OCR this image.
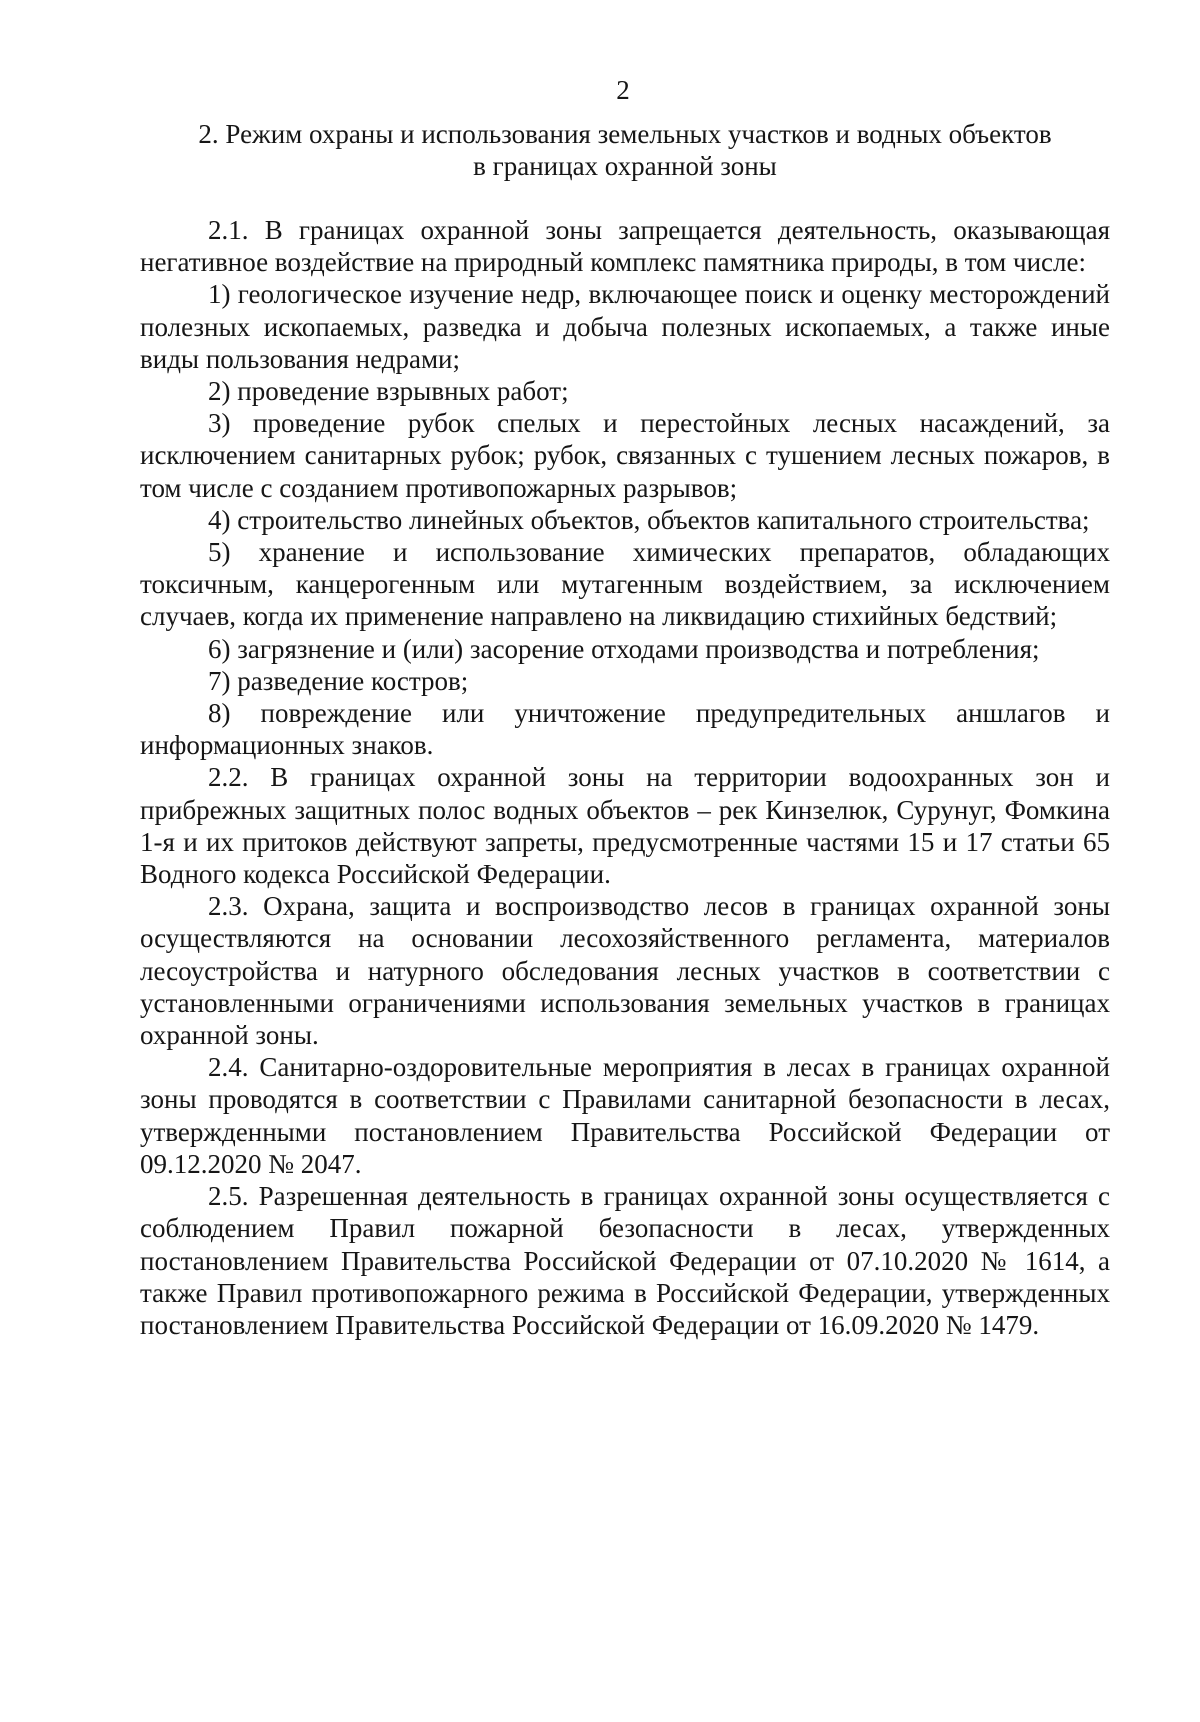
2
2. Режим охраны и использования земельных участков и водных объектов
в границах охранной зоны

2.1. В границах охранной зоны запрещается деятельность, оказывающая негативное воздействие на природный комплекс памятника природы, в том числе:

1) геологическое изучение недр, включающее поиск и оценку месторождений полезных ископаемых, разведка и добыча полезных ископаемых, а также иные виды пользования недрами;

2) проведение взрывных работ;

3) проведение рубок спелых и перестойных лесных насаждений, за исключением санитарных рубок; рубок, связанных с тушением лесных пожаров, в том числе с созданием противопожарных разрывов;

4) строительство линейных объектов, объектов капитального строительства;

5) хранение и использование химических препаратов, обладающих токсичным, канцерогенным или мутагенным воздействием, за исключением случаев, когда их применение направлено на ликвидацию стихийных бедствий;

6) загрязнение и (или) засорение отходами производства и потребления;

7) разведение костров;

8) повреждение или уничтожение предупредительных аншлагов и информационных знаков.

2.2. В границах охранной зоны на территории водоохранных зон и прибрежных защитных полос водных объектов – рек Кинзелюк, Сурунуг, Фомкина 1-я и их притоков действуют запреты, предусмотренные частями 15 и 17 статьи 65 Водного кодекса Российской Федерации.

2.3. Охрана, защита и воспроизводство лесов в границах охранной зоны осуществляются на основании лесохозяйственного регламента, материалов лесоустройства и натурного обследования лесных участков в соответствии с установленными ограничениями использования земельных участков в границах охранной зоны.

2.4. Санитарно-оздоровительные мероприятия в лесах в границах охранной зоны проводятся в соответствии с Правилами санитарной безопасности в лесах, утвержденными постановлением Правительства Российской Федерации от 09.12.2020 № 2047.

2.5. Разрешенная деятельность в границах охранной зоны осуществляется с соблюдением Правил пожарной безопасности в лесах, утвержденных постановлением Правительства Российской Федерации от 07.10.2020 № 1614, а также Правил противопожарного режима в Российской Федерации, утвержденных постановлением Правительства Российской Федерации от 16.09.2020 № 1479.
